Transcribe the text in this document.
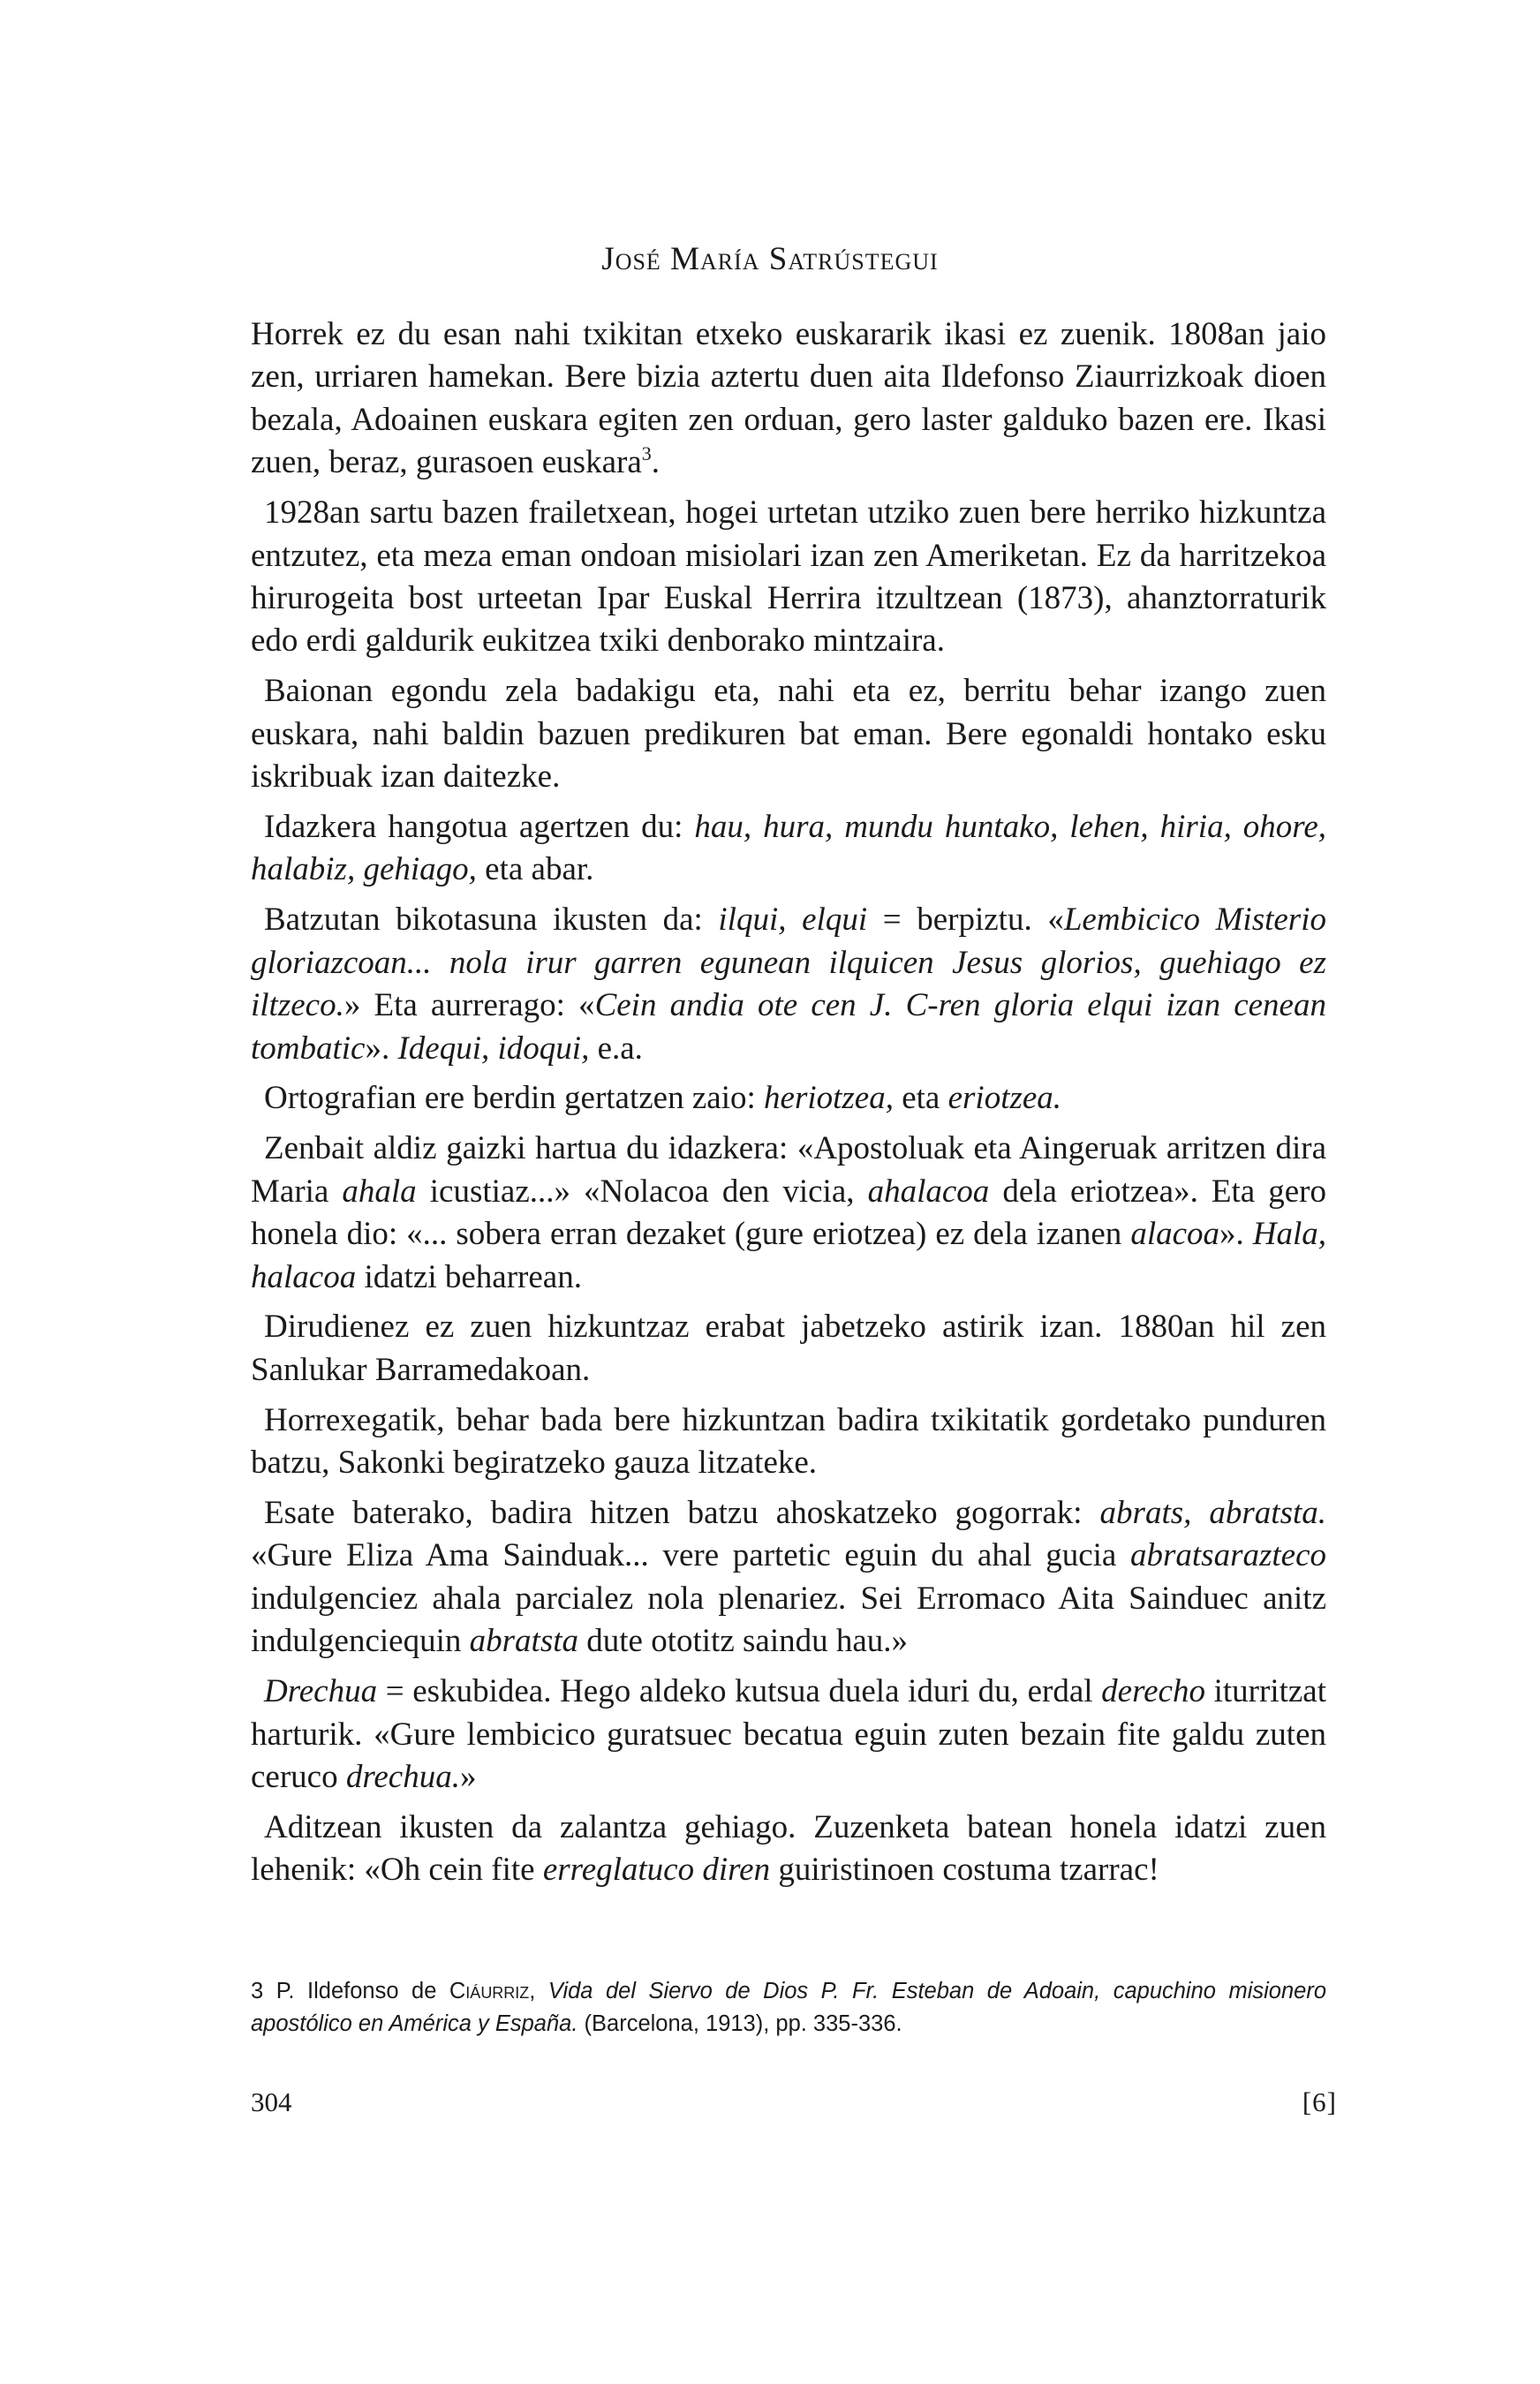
José María Satrústegui

Horrek ez du esan nahi txikitan etxeko euskararik ikasi ez zuenik. 1808an jaio zen, urriaren hamekan. Bere bizia aztertu duen aita Ildefonso Ziaurrizkoak dioen bezala, Adoainen euskara egiten zen orduan, gero laster galduko bazen ere. Ikasi zuen, beraz, gurasoen euskara$^3$.

1928an sartu bazen frailetxean, hogei urtetan utziko zuen bere herriko hizkuntza entzutez, eta meza eman ondoan misiolari izan zen Ameriketan. Ez da harritzekoa hirurogeita bost urteetan Ipar Euskal Herrira itzultzean (1873), ahanztorraturik edo erdi galdurik eukitzea txiki denborako mintzaira.

Baionan egondu zela badakigu eta, nahi eta ez, berritu behar izango zuen euskara, nahi baldin bazuen predikuren bat eman. Bere egonaldi hontako esku iskribuak izan daitezke.

Idazkera hangotua agertzen du: hau, hura, mundu huntako, lehen, hiria, ohore, halabiz, gehiago, eta abar.

Batzutan bikotasuna ikusten da: ilqui, elqui = berpiztu. «Lembicico Misterio gloriazcoan... nola irur garren egunean ilquicen Jesus glorios, guehiago ez iltzeco.» Eta aurrerago: «Cein andia ote cen J. C-ren gloria elqui izan cenean tombatic». Idequi, idoqui, e.a.

Ortografian ere berdin gertatzen zaio: heriotzea, eta eriotzea.

Zenbait aldiz gaizki hartua du idazkera: «Apostoluak eta Aingeruak arritzen dira Maria ahala icustiaz...» «Nolacoa den vicia, ahalacoa dela eriotzea». Eta gero honela dio: «... sobera erran dezaket (gure eriotzea) ez dela izanen alacoa». Hala, halacoa idatzi beharrean.

Dirudienez ez zuen hizkuntzaz erabat jabetzeko astirik izan. 1880an hil zen Sanlukar Barramedakoan.

Horrexegatik, behar bada bere hizkuntzan badira txikitatik gordetako punduren batzu, Sakonki begiratzeko gauza litzateke.

Esate baterako, badira hitzen batzu ahoskatzeko gogorrak: abrats, abratsta. «Gure Eliza Ama Sainduak... vere partetic eguin du ahal gucia abratsarazteco indulgenciez ahala parcialez nola plenariez. Sei Erromaco Aita Sainduec anitz indulgenciequin abratsta dute ototitz saindu hau.»

Drechua = eskubidea. Hego aldeko kutsua duela iduri du, erdal derecho iturritzat harturik. «Gure lembicico guratsuec becatua eguin zuten bezain fite galdu zuten ceruco drechua.»

Aditzean ikusten da zalantza gehiago. Zuzenketa batean honela idatzi zuen lehenik: «Oh cein fite erreglatuco diren guiristinoen costuma tzarrac!

3 P. Ildefonso de Ciáurriz, Vida del Siervo de Dios P. Fr. Esteban de Adoain, capuchino misionero apostólico en América y España. (Barcelona, 1913), pp. 335-336.
304	[6]
